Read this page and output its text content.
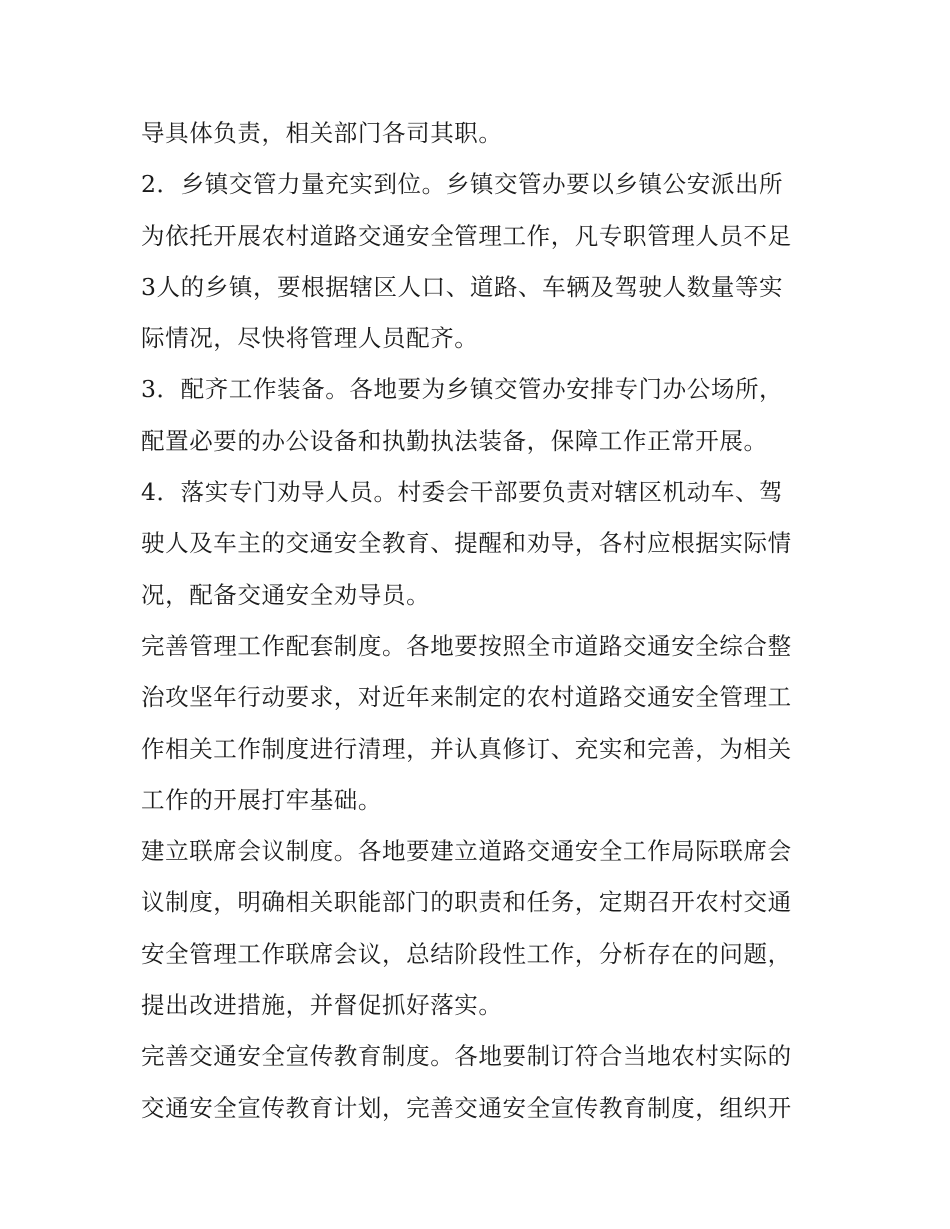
导具体负责，相关部门各司其职。
2．乡镇交管力量充实到位。乡镇交管办要以乡镇公安派出所
为依托开展农村道路交通安全管理工作，凡专职管理人员不足
3人的乡镇，要根据辖区人口、道路、车辆及驾驶人数量等实
际情况，尽快将管理人员配齐。
3．配齐工作装备。各地要为乡镇交管办安排专门办公场所，
配置必要的办公设备和执勤执法装备，保障工作正常开展。
4．落实专门劝导人员。村委会干部要负责对辖区机动车、驾
驶人及车主的交通安全教育、提醒和劝导，各村应根据实际情
况，配备交通安全劝导员。
完善管理工作配套制度。各地要按照全市道路交通安全综合整
治攻坚年行动要求，对近年来制定的农村道路交通安全管理工
作相关工作制度进行清理，并认真修订、充实和完善，为相关
工作的开展打牢基础。
建立联席会议制度。各地要建立道路交通安全工作局际联席会
议制度，明确相关职能部门的职责和任务，定期召开农村交通
安全管理工作联席会议，总结阶段性工作，分析存在的问题，
提出改进措施，并督促抓好落实。
完善交通安全宣传教育制度。各地要制订符合当地农村实际的
交通安全宣传教育计划，完善交通安全宣传教育制度，组织开
